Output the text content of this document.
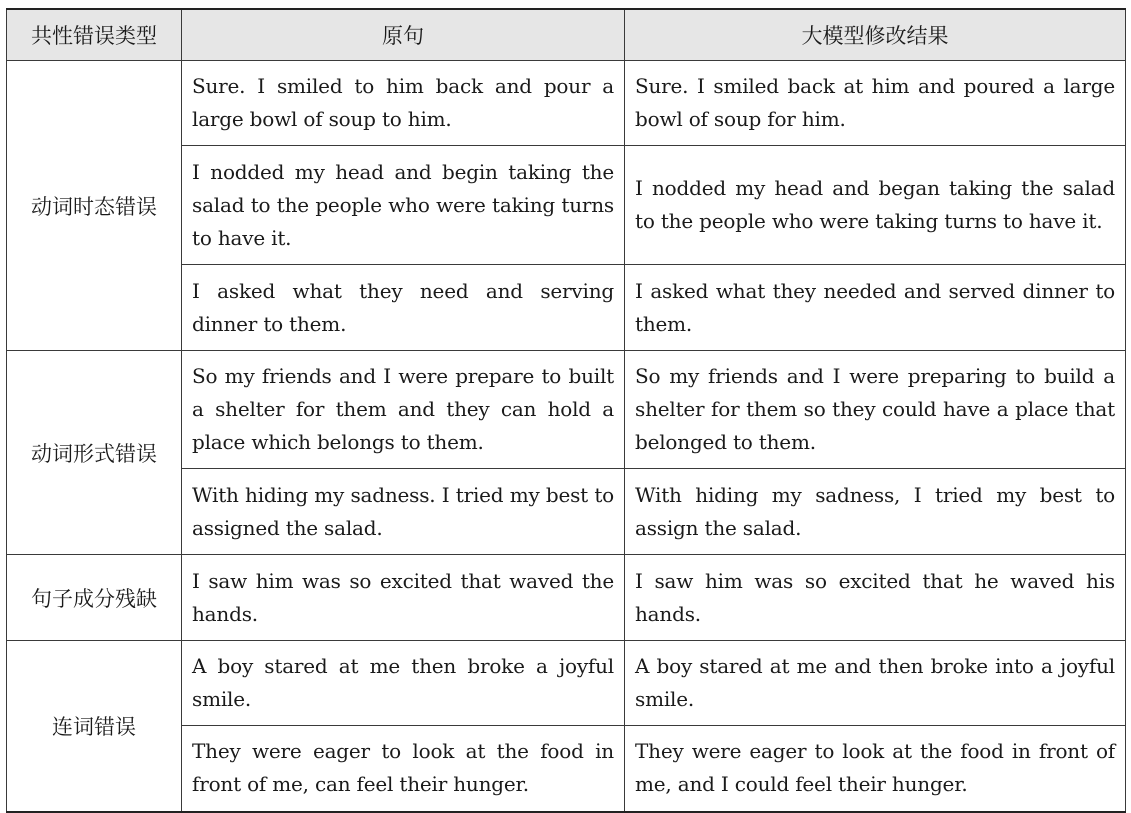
共性错误类型	原句	大模型修改结果
动词时态错误	Sure. I smiled to him back and pour a large bowl of soup to him.	Sure. I smiled back at him and poured a large bowl of soup for him.
	I nodded my head and begin taking the salad to the people who were taking turns to have it.	I nodded my head and began taking the salad to the people who were taking turns to have it.
	I asked what they need and serving dinner to them.	I asked what they needed and served dinner to them.
动词形式错误	So my friends and I were prepare to built a shelter for them and they can hold a place which belongs to them.	So my friends and I were preparing to build a shelter for them so they could have a place that belonged to them.
	With hiding my sadness. I tried my best to assigned the salad.	With hiding my sadness, I tried my best to assign the salad.
句子成分残缺	I saw him was so excited that waved the hands.	I saw him was so excited that he waved his hands.
连词错误	A boy stared at me then broke a joyful smile.	A boy stared at me and then broke into a joyful smile.
	They were eager to look at the food in front of me, can feel their hunger.	They were eager to look at the food in front of me, and I could feel their hunger.
